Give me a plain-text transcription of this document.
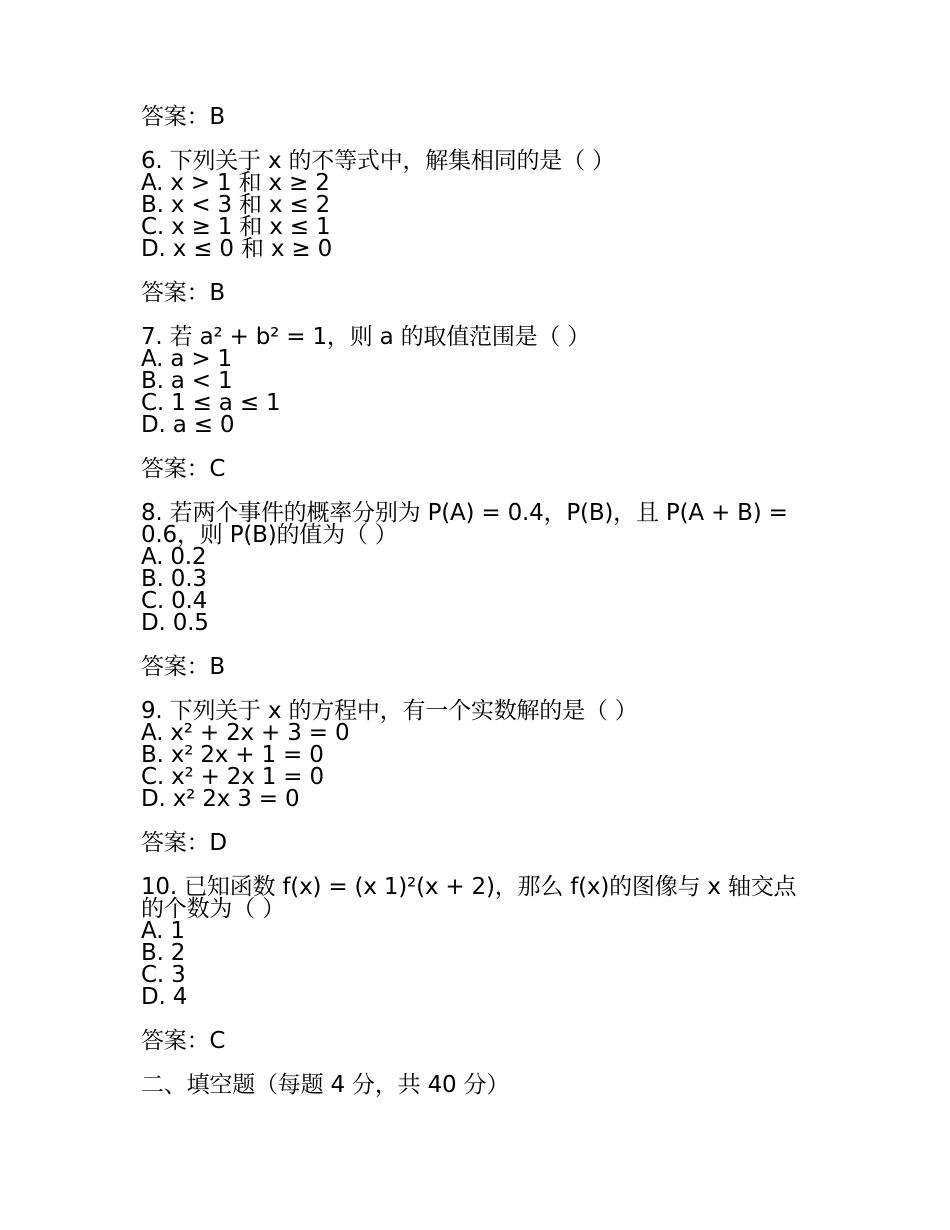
答案：B
6. 下列关于 x 的不等式中，解集相同的是（ ）
A. x > 1 和 x ≥ 2
B. x < 3 和 x ≤ 2
C. x ≥ 1 和 x ≤ 1
D. x ≤ 0 和 x ≥ 0
答案：B
7. 若 a² + b² = 1，则 a 的取值范围是（ ）
A. a > 1
B. a < 1
C. 1 ≤ a ≤ 1
D. a ≤ 0
答案：C
8. 若两个事件的概率分别为 P(A) = 0.4，P(B)，且 P(A + B) = 0.6，则 P(B)的值为（ ）
A. 0.2
B. 0.3
C. 0.4
D. 0.5
答案：B
9. 下列关于 x 的方程中，有一个实数解的是（ ）
A. x² + 2x + 3 = 0
B. x² 2x + 1 = 0
C. x² + 2x 1 = 0
D. x² 2x 3 = 0
答案：D
10. 已知函数 f(x) = (x 1)²(x + 2)，那么 f(x)的图像与 x 轴交点的个数为（ ）
A. 1
B. 2
C. 3
D. 4
答案：C
二、填空题（每题 4 分，共 40 分）
